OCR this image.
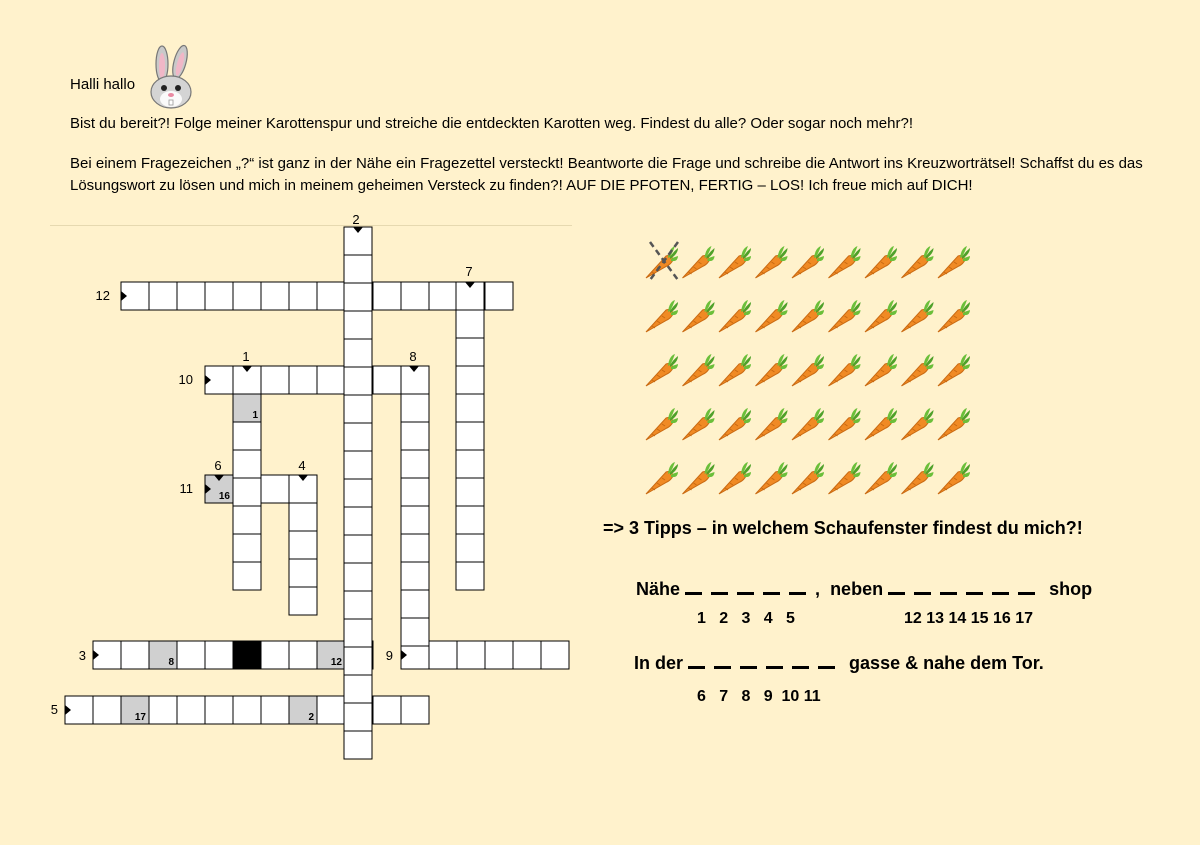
Halli hallo
Bist du bereit?! Folge meiner Karottenspur und streiche die entdeckten Karotten weg. Findest du alle? Oder sogar noch mehr?!
Bei einem Fragezeichen „?“ ist ganz in der Nähe ein Fragezettel versteckt! Beantworte die Frage und schreibe die Antwort ins Kreuzworträtsel! Schaffst du es das Lösungswort zu lösen und mich in meinem geheimen Versteck zu finden?! AUF DIE PFOTEN, FERTIG – LOS! Ich freue mich auf DICH!
16
8	12
17	2
1
12
10
11
3
5
9
2
7
1	8
4
6
=> 3 Tipps – in welchem Schaufenster findest du mich?!
Nähe	, neben	shop
1   2   3   4   5	12 13 14 15 16 17
In der	gasse & nahe dem Tor.
6   7   8   9  10 11
